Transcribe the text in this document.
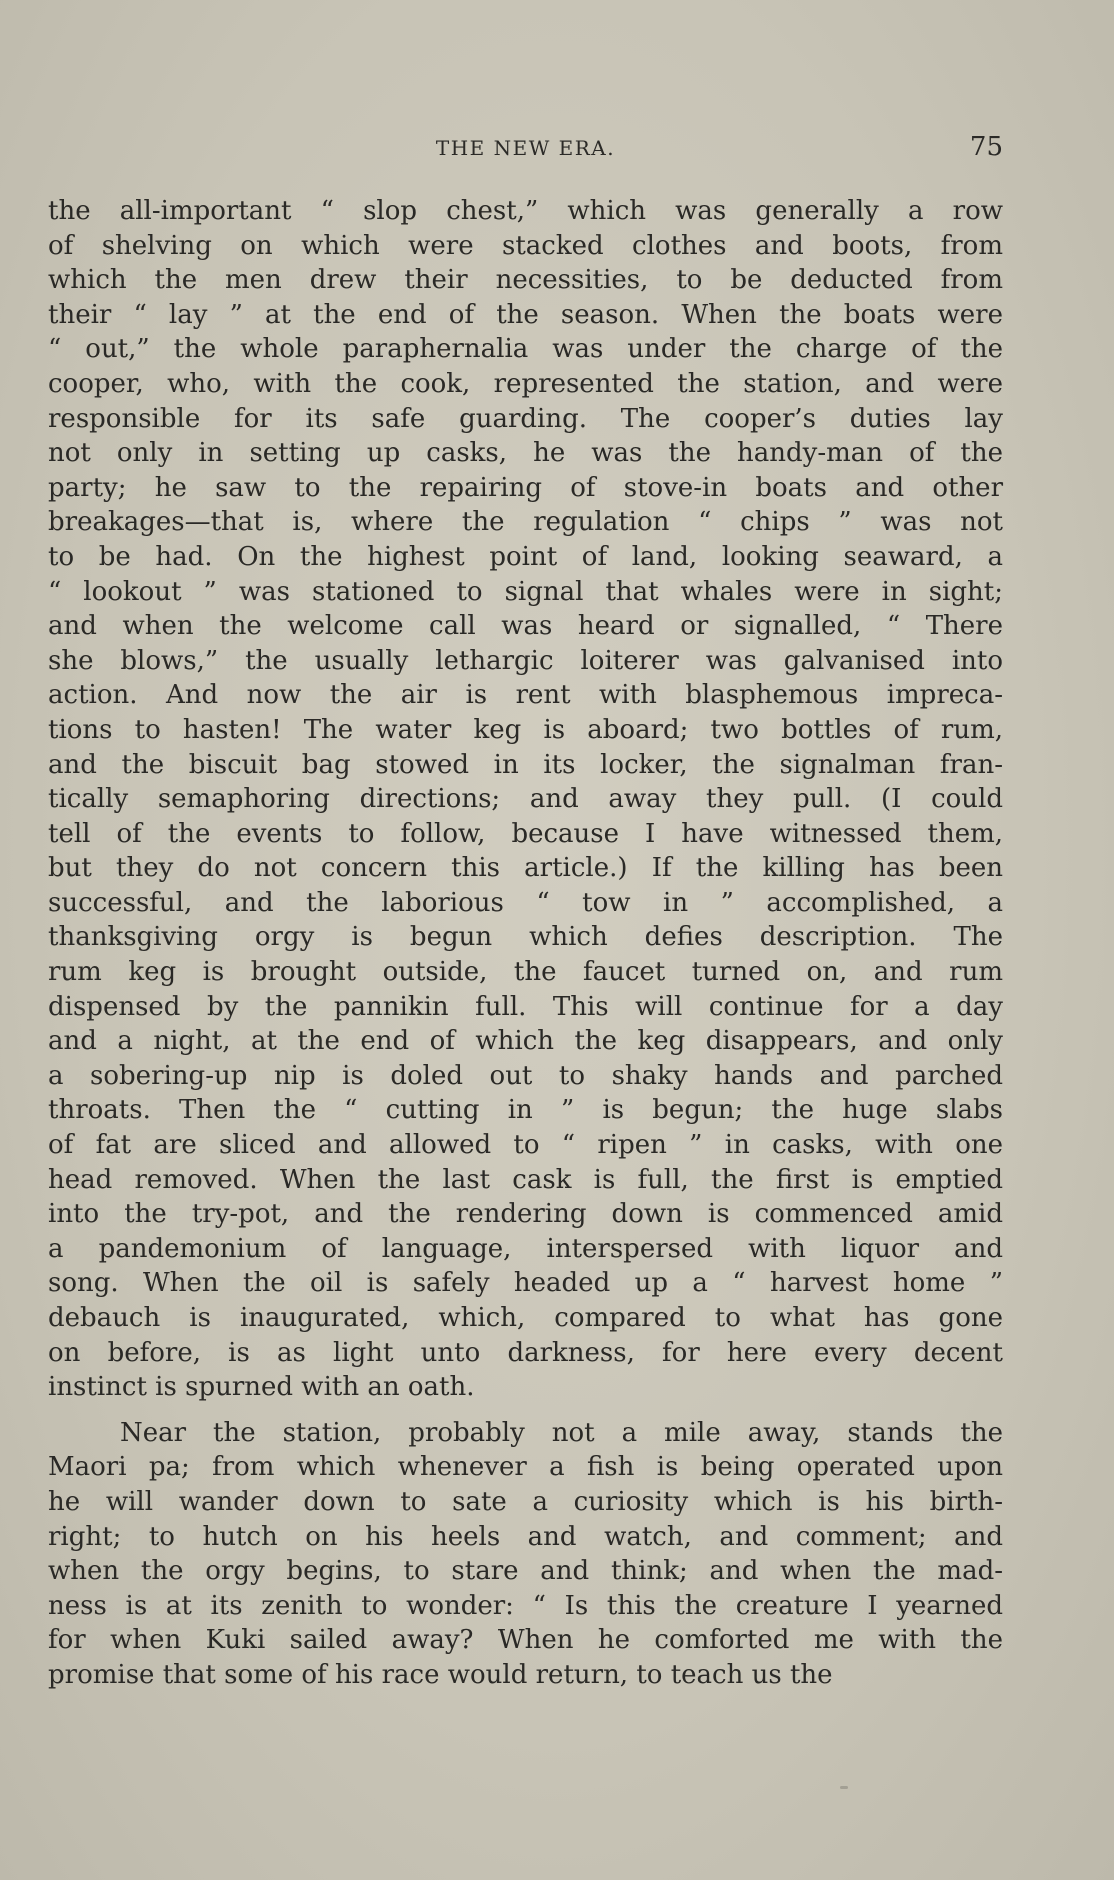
THE NEW ERA.	75
the all-important “ slop chest,” which was generally a row
of shelving on which were stacked clothes and boots, from
which the men drew their necessities, to be deducted from
their “ lay ” at the end of the season. When the boats were
“ out,” the whole paraphernalia was under the charge of the
cooper, who, with the cook, represented the station, and were
responsible for its safe guarding. The cooper’s duties lay
not only in setting up casks, he was the handy-man of the
party; he saw to the repairing of stove-in boats and other
breakages—that is, where the regulation “ chips ” was not
to be had. On the highest point of land, looking seaward, a
“ lookout ” was stationed to signal that whales were in sight;
and when the welcome call was heard or signalled, “ There
she blows,” the usually lethargic loiterer was galvanised into
action. And now the air is rent with blasphemous impreca-
tions to hasten! The water keg is aboard; two bottles of rum,
and the biscuit bag stowed in its locker, the signalman fran-
tically semaphoring directions; and away they pull. (I could
tell of the events to follow, because I have witnessed them,
but they do not concern this article.) If the killing has been
successful, and the laborious “ tow in ” accomplished, a
thanksgiving orgy is begun which defies description. The
rum keg is brought outside, the faucet turned on, and rum
dispensed by the pannikin full. This will continue for a day
and a night, at the end of which the keg disappears, and only
a sobering-up nip is doled out to shaky hands and parched
throats. Then the “ cutting in ” is begun; the huge slabs
of fat are sliced and allowed to “ ripen ” in casks, with one
head removed. When the last cask is full, the first is emptied
into the try-pot, and the rendering down is commenced amid
a pandemonium of language, interspersed with liquor and
song. When the oil is safely headed up a “ harvest home ”
debauch is inaugurated, which, compared to what has gone
on before, is as light unto darkness, for here every decent
instinct is spurned with an oath.
Near the station, probably not a mile away, stands the
Maori pa; from which whenever a fish is being operated upon
he will wander down to sate a curiosity which is his birth-
right; to hutch on his heels and watch, and comment; and
when the orgy begins, to stare and think; and when the mad-
ness is at its zenith to wonder: “ Is this the creature I yearned
for when Kuki sailed away? When he comforted me with the
promise that some of his race would return, to teach us the
